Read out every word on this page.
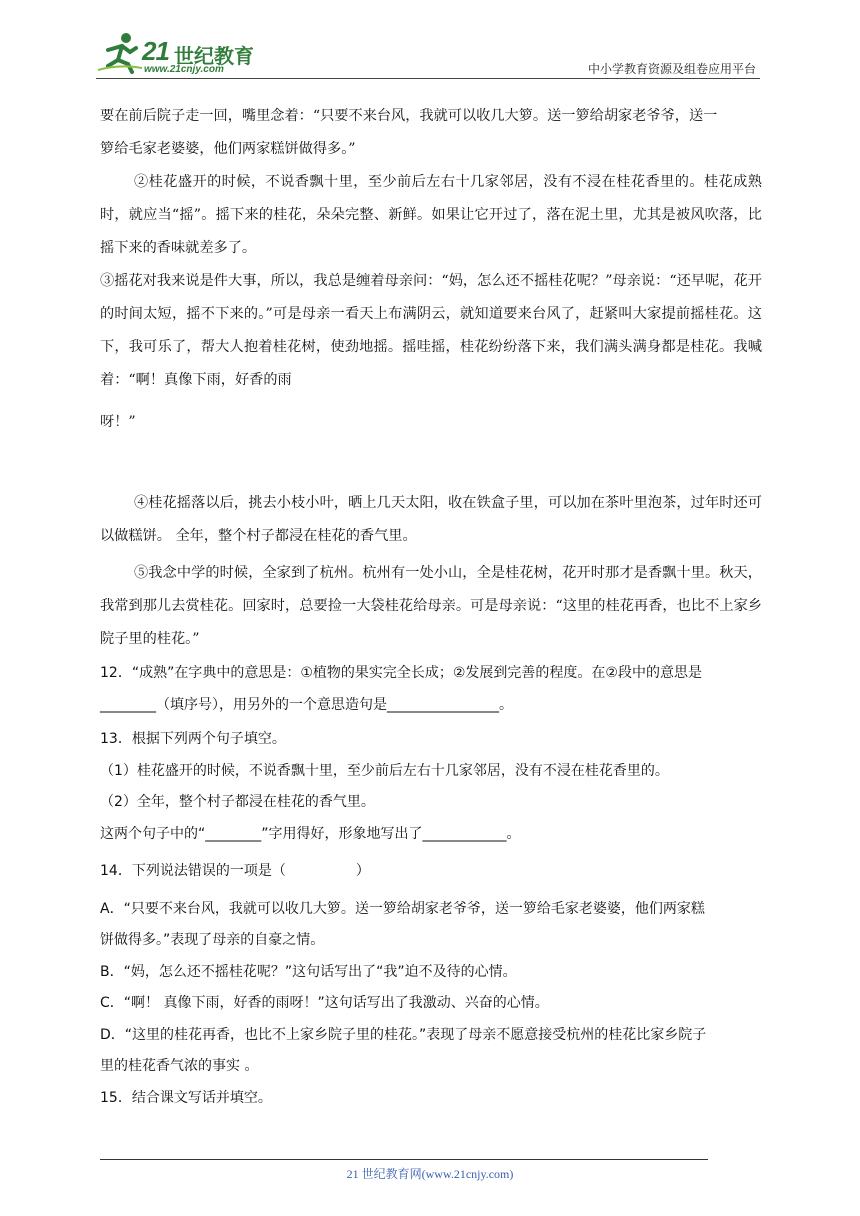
21 世纪教育
www.21cnjy.com	中小学教育资源及组卷应用平台

要在前后院子走一回，嘴里念着：“只要不来台风，我就可以收几大箩。送一箩给胡家老爷爷，送一

箩给毛家老婆婆，他们两家糕饼做得多。”

②桂花盛开的时候，不说香飘十里，至少前后左右十几家邻居，没有不浸在桂花香里的。桂花成熟时，就应当“摇”。摇下来的桂花，朵朵完整、新鲜。如果让它开过了，落在泥土里，尤其是被风吹落，比摇下来的香味就差多了。

③摇花对我来说是件大事，所以，我总是缠着母亲问：“妈，怎么还不摇桂花呢？”母亲说：“还早呢，花开的时间太短，摇不下来的。”可是母亲一看天上布满阴云，就知道要来台风了，赶紧叫大家提前摇桂花。这下，我可乐了，帮大人抱着桂花树，使劲地摇。摇哇摇，桂花纷纷落下来，我们满头满身都是桂花。我喊着：“啊！真像下雨，好香的雨

呀！”

④桂花摇落以后，挑去小枝小叶，晒上几天太阳，收在铁盒子里，可以加在茶叶里泡茶，过年时还可以做糕饼。 全年，整个村子都浸在桂花的香气里。

⑤我念中学的时候，全家到了杭州。杭州有一处小山，全是桂花树，花开时那才是香飘十里。秋天，我常到那儿去赏桂花。回家时，总要捡一大袋桂花给母亲。可是母亲说：“这里的桂花再香，也比不上家乡院子里的桂花。”

12．“成熟”在字典中的意思是：①植物的果实完全长成；②发展到完善的程度。在②段中的意思是

________（填序号），用另外的一个意思造句是________________。

13．根据下列两个句子填空。

（1）桂花盛开的时候，不说香飘十里，至少前后左右十几家邻居，没有不浸在桂花香里的。

（2）全年，整个村子都浸在桂花的香气里。

这两个句子中的“________”字用得好，形象地写出了____________。

14．下列说法错误的一项是（　　　　　）

A．“只要不来台风，我就可以收几大箩。送一箩给胡家老爷爷，送一箩给毛家老婆婆，他们两家糕

饼做得多。”表现了母亲的自豪之情。

B．“妈，怎么还不摇桂花呢？”这句话写出了“我”迫不及待的心情。

C．“啊！ 真像下雨，好香的雨呀！”这句话写出了我激动、兴奋的心情。

D．“这里的桂花再香，也比不上家乡院子里的桂花。”表现了母亲不愿意接受杭州的桂花比家乡院子

里的桂花香气浓的事实 。

15．结合课文写话并填空。

21 世纪教育网(www.21cnjy.com)
